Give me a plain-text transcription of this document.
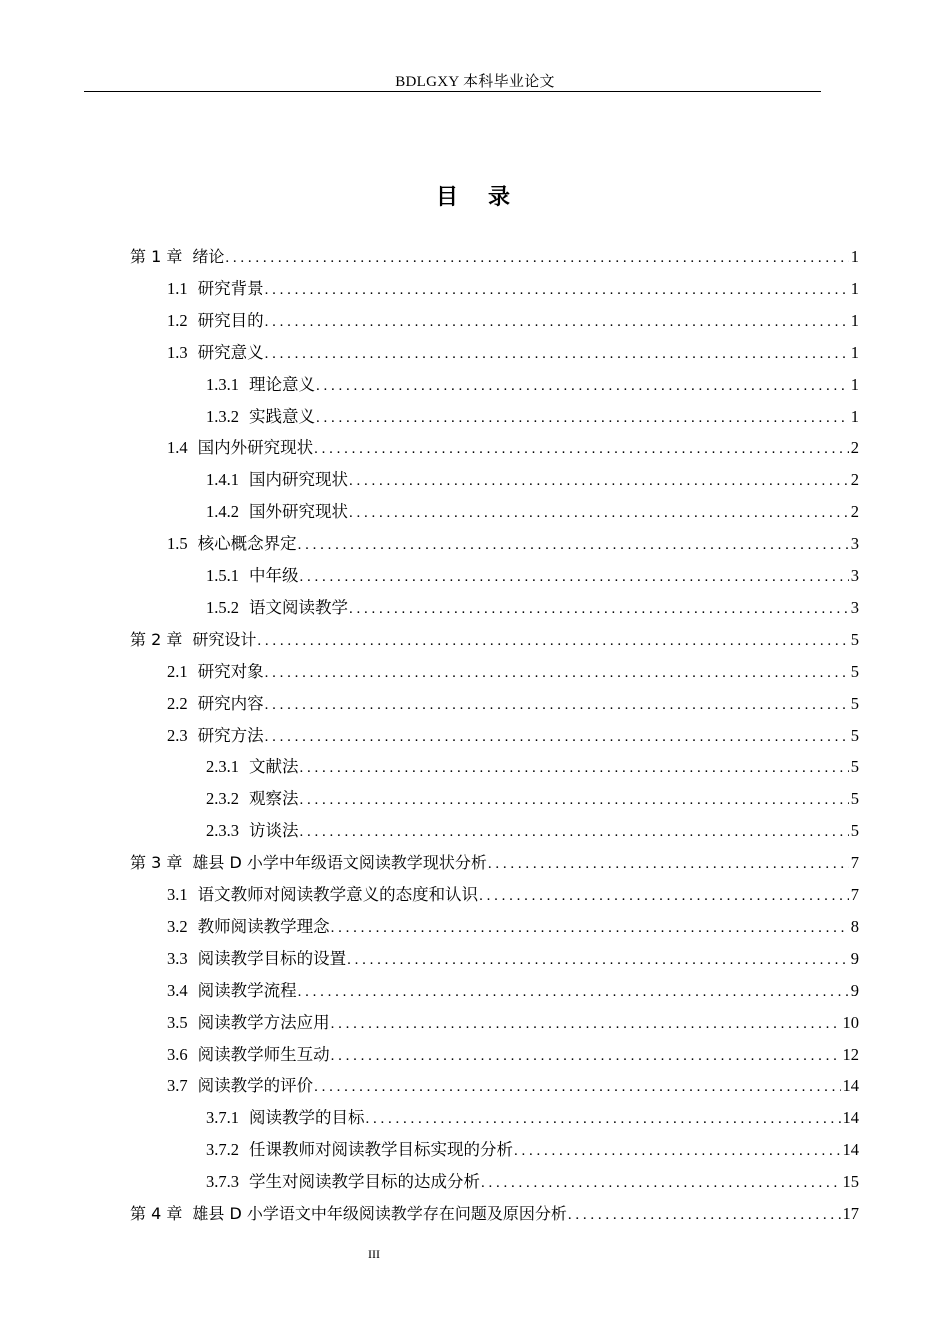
BDLGXY 本科毕业论文
目　录
第 1 章 绪论 . . .	1
1.1 研究背景 . . .	1
1.2 研究目的 . . .	1
1.3 研究意义 . . .	1
1.3.1 理论意义 . . .	1
1.3.2 实践意义 . . .	1
1.4 国内外研究现状 . . .	2
1.4.1 国内研究现状 . . .	2
1.4.2 国外研究现状 . . .	2
1.5 核心概念界定 . . .	3
1.5.1 中年级 . . .	3
1.5.2 语文阅读教学 . . .	3
第 2 章 研究设计 . . .	5
2.1 研究对象 . . .	5
2.2 研究内容 . . .	5
2.3 研究方法 . . .	5
2.3.1 文献法 . . .	5
2.3.2 观察法 . . .	5
2.3.3 访谈法 . . .	5
第 3 章 雄县 D 小学中年级语文阅读教学现状分析 . . .	7
3.1 语文教师对阅读教学意义的态度和认识 . . .	7
3.2 教师阅读教学理念 . . .	8
3.3 阅读教学目标的设置 . . .	9
3.4 阅读教学流程 . . .	9
3.5 阅读教学方法应用 . . .	10
3.6 阅读教学师生互动 . . .	12
3.7 阅读教学的评价 . . .	14
3.7.1 阅读教学的目标 . . .	14
3.7.2 任课教师对阅读教学目标实现的分析 . . .	14
3.7.3 学生对阅读教学目标的达成分析 . . .	15
第 4 章 雄县 D 小学语文中年级阅读教学存在问题及原因分析 . . .	17
III
